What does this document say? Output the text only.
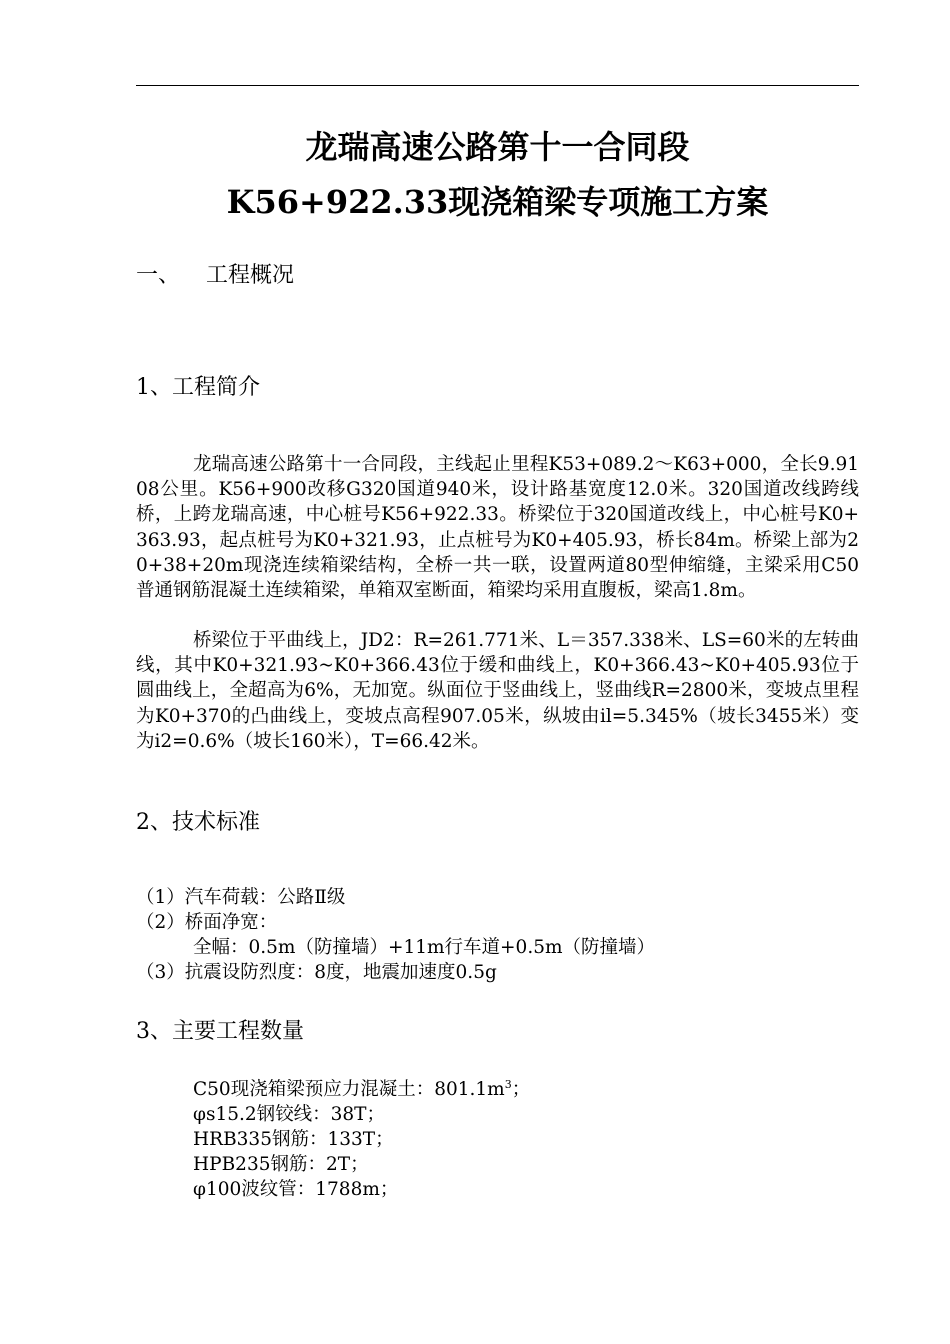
龙瑞高速公路第十一合同段
K56+922.33现浇箱梁专项施工方案
一、 工程概况
1、工程简介
龙瑞高速公路第十一合同段，主线起止里程K53+089.2～K63+000，全长9.9108公里。K56+900改移G320国道940米，设计路基宽度12.0米。320国道改线跨线桥，上跨龙瑞高速，中心桩号K56+922.33。桥梁位于320国道改线上，中心桩号K0+363.93，起点桩号为K0+321.93，止点桩号为K0+405.93，桥长84m。桥梁上部为20+38+20m现浇连续箱梁结构，全桥一共一联，设置两道80型伸缩缝，主梁采用C50普通钢筋混凝土连续箱梁，单箱双室断面，箱梁均采用直腹板，梁高1.8m。
桥梁位于平曲线上，JD2：R=261.771米、L＝357.338米、LS=60米的左转曲线，其中K0+321.93~K0+366.43位于缓和曲线上，K0+366.43~K0+405.93位于圆曲线上，全超高为6%，无加宽。纵面位于竖曲线上，竖曲线R=2800米，变坡点里程为K0+370的凸曲线上，变坡点高程907.05米，纵坡由il=5.345%（坡长3455米）变为i2=0.6%（坡长160米），T=66.42米。
2、技术标准
（1）汽车荷载：公路Ⅱ级
（2）桥面净宽：
全幅：0.5m（防撞墙）+11m行车道+0.5m（防撞墙）
（3）抗震设防烈度：8度，地震加速度0.5g
3、主要工程数量
C50现浇箱梁预应力混凝土：$801.1m^3$；
φs15.2钢铰线：38T；
HRB335钢筋：133T；
HPB235钢筋：2T；
φ100波纹管：1788m；
